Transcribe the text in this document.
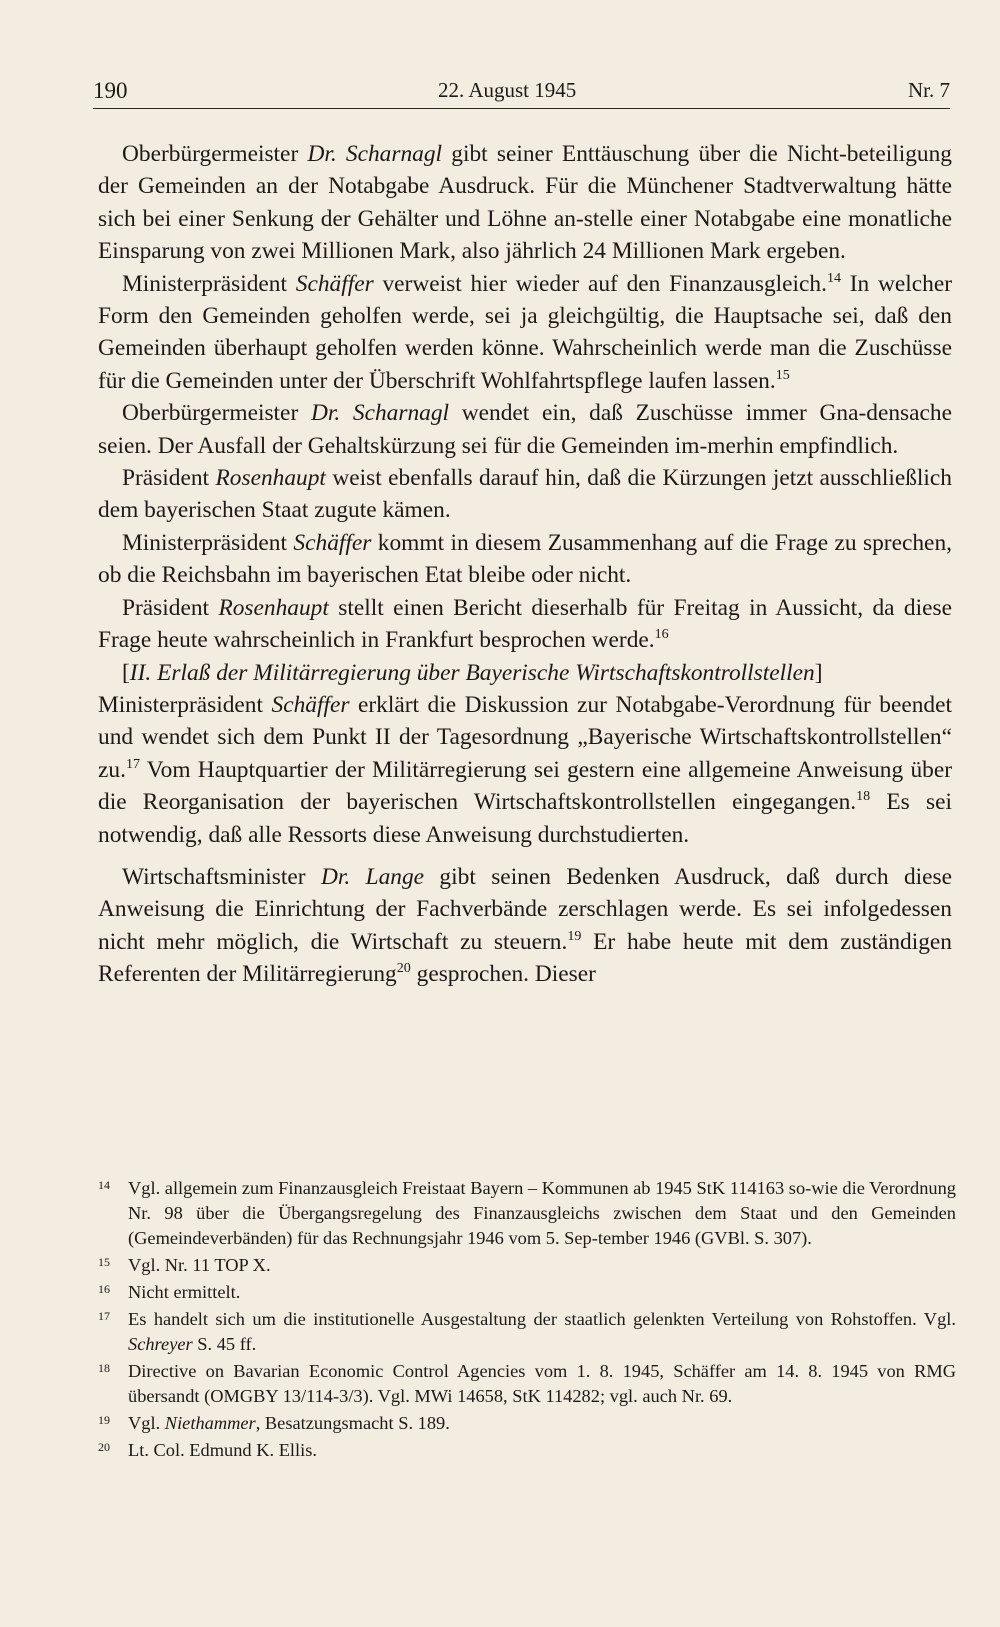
190	22. August 1945	Nr. 7

Oberbürgermeister Dr. Scharnagl gibt seiner Enttäuschung über die Nicht-beteiligung der Gemeinden an der Notabgabe Ausdruck. Für die Münchener Stadtverwaltung hätte sich bei einer Senkung der Gehälter und Löhne an-stelle einer Notabgabe eine monatliche Einsparung von zwei Millionen Mark, also jährlich 24 Millionen Mark ergeben.

Ministerpräsident Schäffer verweist hier wieder auf den Finanzausgleich.$^{14}$ In welcher Form den Gemeinden geholfen werde, sei ja gleichgültig, die Hauptsache sei, daß den Gemeinden überhaupt geholfen werden könne. Wahrscheinlich werde man die Zuschüsse für die Gemeinden unter der Überschrift Wohlfahrtspflege laufen lassen.$^{15}$

Oberbürgermeister Dr. Scharnagl wendet ein, daß Zuschüsse immer Gna-densache seien. Der Ausfall der Gehaltskürzung sei für die Gemeinden im-merhin empfindlich.

Präsident Rosenhaupt weist ebenfalls darauf hin, daß die Kürzungen jetzt ausschließlich dem bayerischen Staat zugute kämen.

Ministerpräsident Schäffer kommt in diesem Zusammenhang auf die Frage zu sprechen, ob die Reichsbahn im bayerischen Etat bleibe oder nicht.

Präsident Rosenhaupt stellt einen Bericht dieserhalb für Freitag in Aussicht, da diese Frage heute wahrscheinlich in Frankfurt besprochen werde.$^{16}$

[II. Erlaß der Militärregierung über Bayerische Wirtschaftskontrollstellen]

Ministerpräsident Schäffer erklärt die Diskussion zur Notabgabe-Verordnung für beendet und wendet sich dem Punkt II der Tagesordnung „Bayerische Wirtschaftskontrollstellen“ zu.$^{17}$ Vom Hauptquartier der Militärregierung sei gestern eine allgemeine Anweisung über die Reorganisation der bayerischen Wirtschaftskontrollstellen eingegangen.$^{18}$ Es sei notwendig, daß alle Ressorts diese Anweisung durchstudierten.

Wirtschaftsminister Dr. Lange gibt seinen Bedenken Ausdruck, daß durch diese Anweisung die Einrichtung der Fachverbände zerschlagen werde. Es sei infolgedessen nicht mehr möglich, die Wirtschaft zu steuern.$^{19}$ Er habe heute mit dem zuständigen Referenten der Militärregierung$^{20}$ gesprochen. Dieser

14 Vgl. allgemein zum Finanzausgleich Freistaat Bayern – Kommunen ab 1945 StK 114163 so-wie die Verordnung Nr. 98 über die Übergangsregelung des Finanzausgleichs zwischen dem Staat und den Gemeinden (Gemeindeverbänden) für das Rechnungsjahr 1946 vom 5. Sep-tember 1946 (GVBl. S. 307).
15 Vgl. Nr. 11 TOP X.
16 Nicht ermittelt.
17 Es handelt sich um die institutionelle Ausgestaltung der staatlich gelenkten Verteilung von Rohstoffen. Vgl. Schreyer S. 45 ff.
18 Directive on Bavarian Economic Control Agencies vom 1. 8. 1945, Schäffer am 14. 8. 1945 von RMG übersandt (OMGBY 13/114-3/3). Vgl. MWi 14658, StK 114282; vgl. auch Nr. 69.
19 Vgl. Niethammer, Besatzungsmacht S. 189.
20 Lt. Col. Edmund K. Ellis.
